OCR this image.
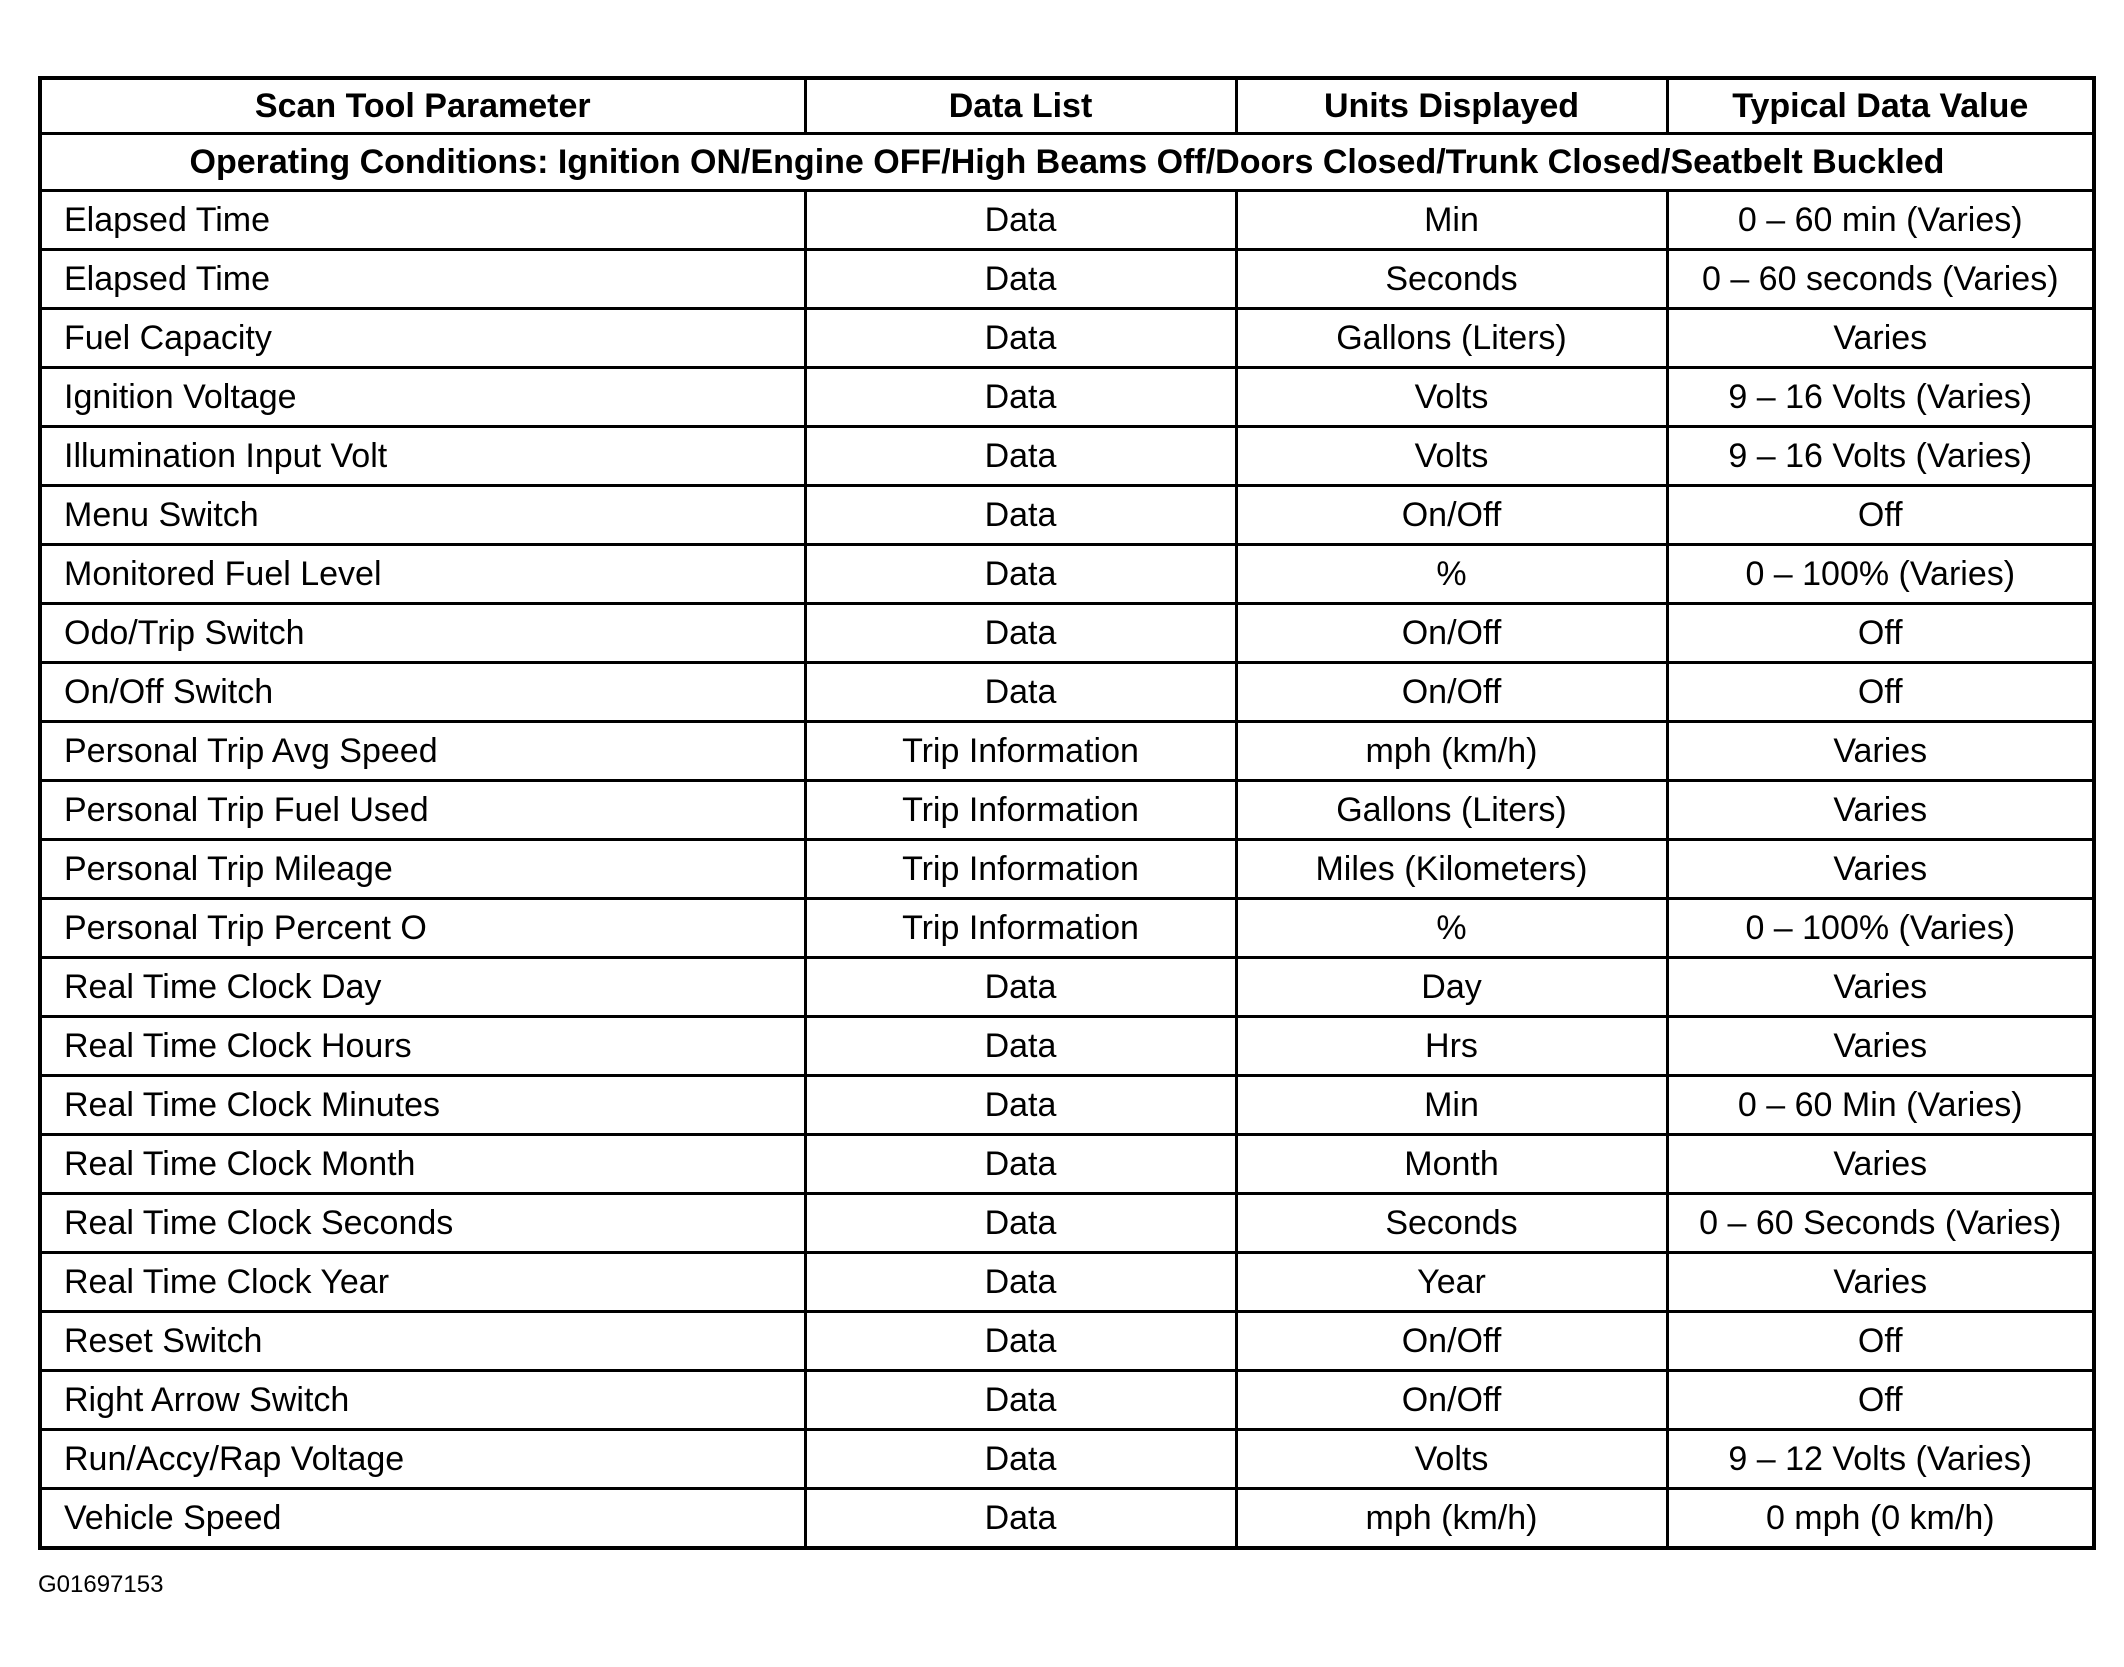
Scan Tool Parameter	Data List	Units Displayed	Typical Data Value
Operating Conditions: Ignition ON/Engine OFF/High Beams Off/Doors Closed/Trunk Closed/Seatbelt Buckled			
Elapsed Time	Data	Min	0 – 60 min (Varies)
Elapsed Time	Data	Seconds	0 – 60 seconds (Varies)
Fuel Capacity	Data	Gallons (Liters)	Varies
Ignition Voltage	Data	Volts	9 – 16 Volts (Varies)
Illumination Input Volt	Data	Volts	9 – 16 Volts (Varies)
Menu Switch	Data	On/Off	Off
Monitored Fuel Level	Data	%	0 – 100% (Varies)
Odo/Trip Switch	Data	On/Off	Off
On/Off Switch	Data	On/Off	Off
Personal Trip Avg Speed	Trip Information	mph (km/h)	Varies
Personal Trip Fuel Used	Trip Information	Gallons (Liters)	Varies
Personal Trip Mileage	Trip Information	Miles (Kilometers)	Varies
Personal Trip Percent O	Trip Information	%	0 – 100% (Varies)
Real Time Clock Day	Data	Day	Varies
Real Time Clock Hours	Data	Hrs	Varies
Real Time Clock Minutes	Data	Min	0 – 60 Min (Varies)
Real Time Clock Month	Data	Month	Varies
Real Time Clock Seconds	Data	Seconds	0 – 60 Seconds (Varies)
Real Time Clock Year	Data	Year	Varies
Reset Switch	Data	On/Off	Off
Right Arrow Switch	Data	On/Off	Off
Run/Accy/Rap Voltage	Data	Volts	9 – 12 Volts (Varies)
Vehicle Speed	Data	mph (km/h)	0 mph (0 km/h)
G01697153
